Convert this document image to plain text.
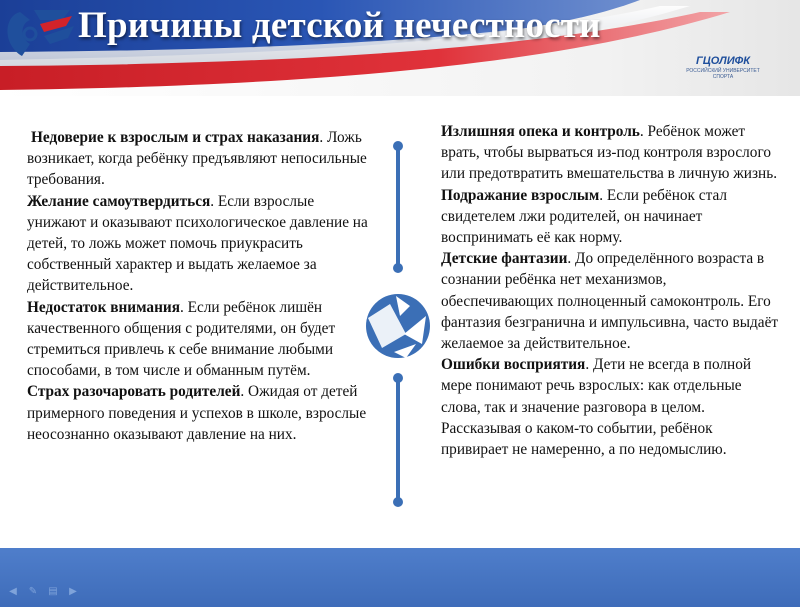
Причины детской нечестности
ГЦОЛИФК
РОССИЙСКИЙ УНИВЕРСИТЕТ СПОРТА

Недоверие к взрослым и страх наказания. Ложь возникает, когда ребёнку предъявляют непосильные требования.

Желание самоутвердиться. Если взрослые унижают и оказывают психологическое давление на детей, то ложь может помочь приукрасить собственный характер и выдать желаемое за действительное.

Недостаток внимания. Если ребёнок лишён качественного общения с родителями, он будет стремиться привлечь к себе внимание любыми способами, в том числе и обманным путём.

Страх разочаровать родителей. Ожидая от детей примерного поведения и успехов в школе, взрослые неосознанно оказывают давление на них.

Излишняя опека и контроль. Ребёнок может врать, чтобы вырваться из-под контроля взрослого или предотвратить вмешательства в личную жизнь.

Подражание взрослым. Если ребёнок стал свидетелем лжи родителей, он начинает воспринимать её как норму.

Детские фантазии. До определённого возраста в сознании ребёнка нет механизмов, обеспечивающих полноценный самоконтроль. Его фантазия безгранична и импульсивна, часто выдаёт желаемое за действительное.

Ошибки восприятия. Дети не всегда в полной мере понимают речь взрослых: как отдельные слова, так и значение разговора в целом. Рассказывая о каком-то событии, ребёнок привирает не намеренно, а по недомыслию.

◀	✎ ▤	▶
